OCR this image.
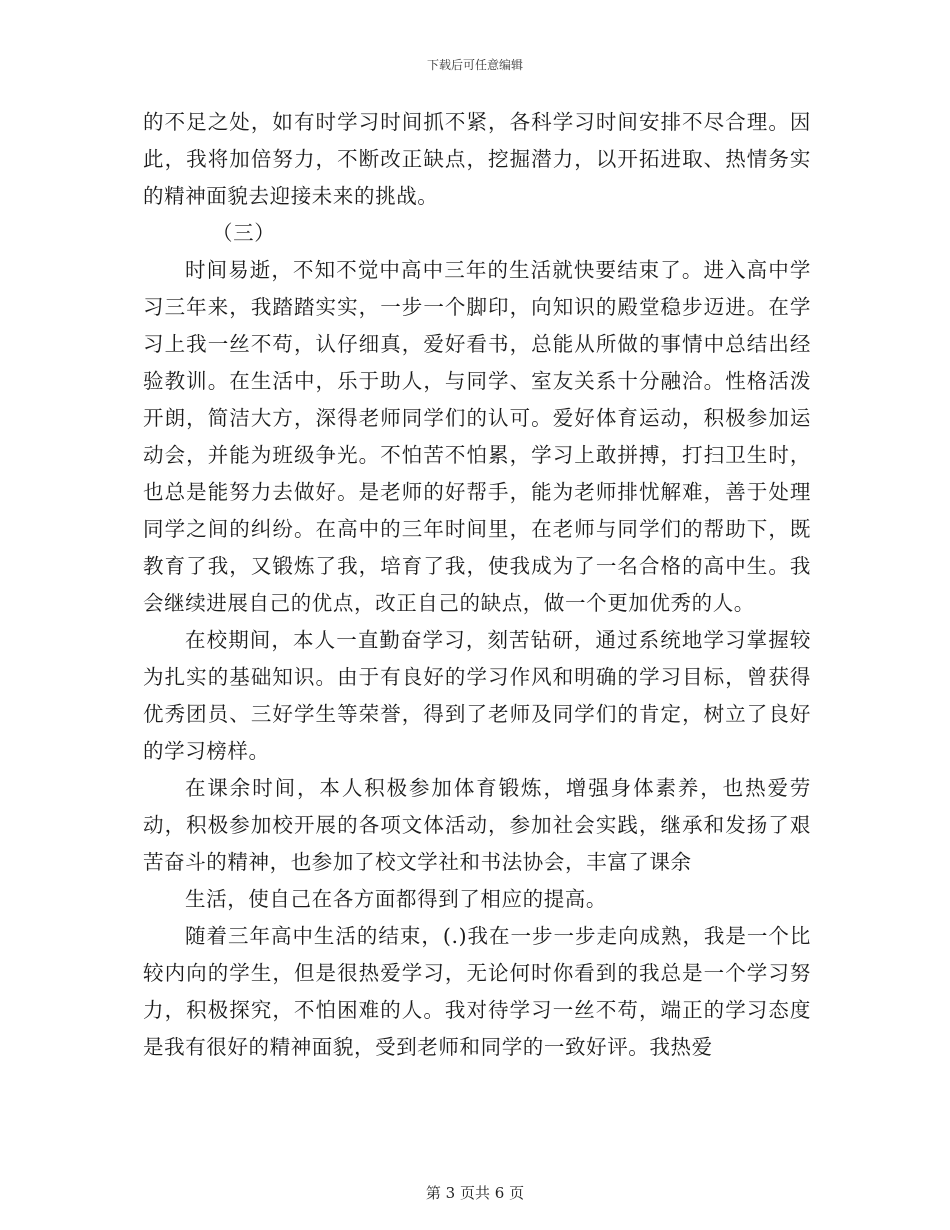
下载后可任意编辑

的不足之处，如有时学习时间抓不紧，各科学习时间安排不尽合理。因此，我将加倍努力，不断改正缺点，挖掘潜力，以开拓进取、热情务实的精神面貌去迎接未来的挑战。

（三）

时间易逝，不知不觉中高中三年的生活就快要结束了。进入高中学习三年来，我踏踏实实，一步一个脚印，向知识的殿堂稳步迈进。在学习上我一丝不苟，认仔细真，爱好看书，总能从所做的事情中总结出经验教训。在生活中，乐于助人，与同学、室友关系十分融洽。性格活泼开朗，简洁大方，深得老师同学们的认可。爱好体育运动，积极参加运动会，并能为班级争光。不怕苦不怕累，学习上敢拼搏，打扫卫生时，也总是能努力去做好。是老师的好帮手，能为老师排忧解难，善于处理同学之间的纠纷。在高中的三年时间里，在老师与同学们的帮助下，既教育了我，又锻炼了我，培育了我，使我成为了一名合格的高中生。我会继续进展自己的优点，改正自己的缺点，做一个更加优秀的人。

在校期间，本人一直勤奋学习，刻苦钻研，通过系统地学习掌握较为扎实的基础知识。由于有良好的学习作风和明确的学习目标，曾获得优秀团员、三好学生等荣誉，得到了老师及同学们的肯定，树立了良好的学习榜样。

在课余时间，本人积极参加体育锻炼，增强身体素养，也热爱劳动，积极参加校开展的各项文体活动，参加社会实践，继承和发扬了艰苦奋斗的精神，也参加了校文学社和书法协会，丰富了课余

生活，使自己在各方面都得到了相应的提高。

随着三年高中生活的结束，(.)我在一步一步走向成熟，我是一个比较内向的学生，但是很热爱学习，无论何时你看到的我总是一个学习努力，积极探究，不怕困难的人。我对待学习一丝不苟，端正的学习态度是我有很好的精神面貌，受到老师和同学的一致好评。我热爱

第 3 页共 6 页
